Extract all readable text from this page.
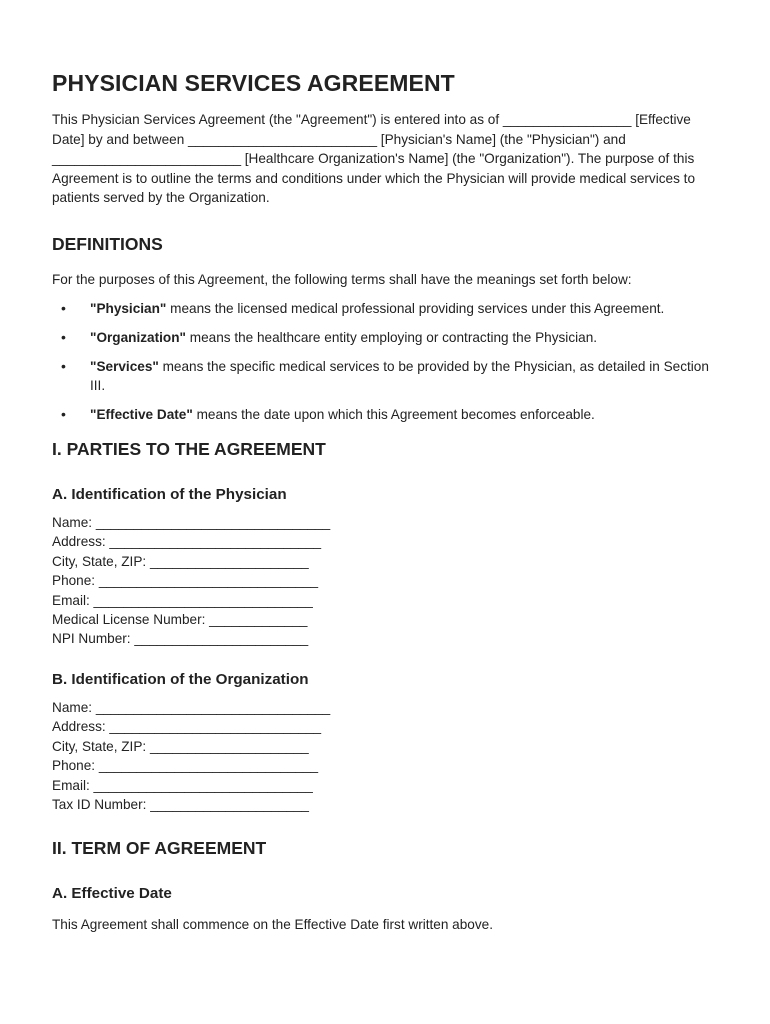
PHYSICIAN SERVICES AGREEMENT

This Physician Services Agreement (the "Agreement") is entered into as of _________________ [Effective Date] by and between _________________________ [Physician's Name] (the "Physician") and _________________________ [Healthcare Organization's Name] (the "Organization"). The purpose of this Agreement is to outline the terms and conditions under which the Physician will provide medical services to patients served by the Organization.

DEFINITIONS

For the purposes of this Agreement, the following terms shall have the meanings set forth below:

• "Physician" means the licensed medical professional providing services under this Agreement.
• "Organization" means the healthcare entity employing or contracting the Physician.
• "Services" means the specific medical services to be provided by the Physician, as detailed in Section III.
• "Effective Date" means the date upon which this Agreement becomes enforceable.
I. PARTIES TO THE AGREEMENT
A. Identification of the Physician
Name: _______________________________
Address: ____________________________
City, State, ZIP: _____________________
Phone: _____________________________
Email: _____________________________
Medical License Number: _____________
NPI Number: _______________________
B. Identification of the Organization
Name: _______________________________
Address: ____________________________
City, State, ZIP: _____________________
Phone: _____________________________
Email: _____________________________
Tax ID Number: _____________________
II. TERM OF AGREEMENT
A. Effective Date

This Agreement shall commence on the Effective Date first written above.
